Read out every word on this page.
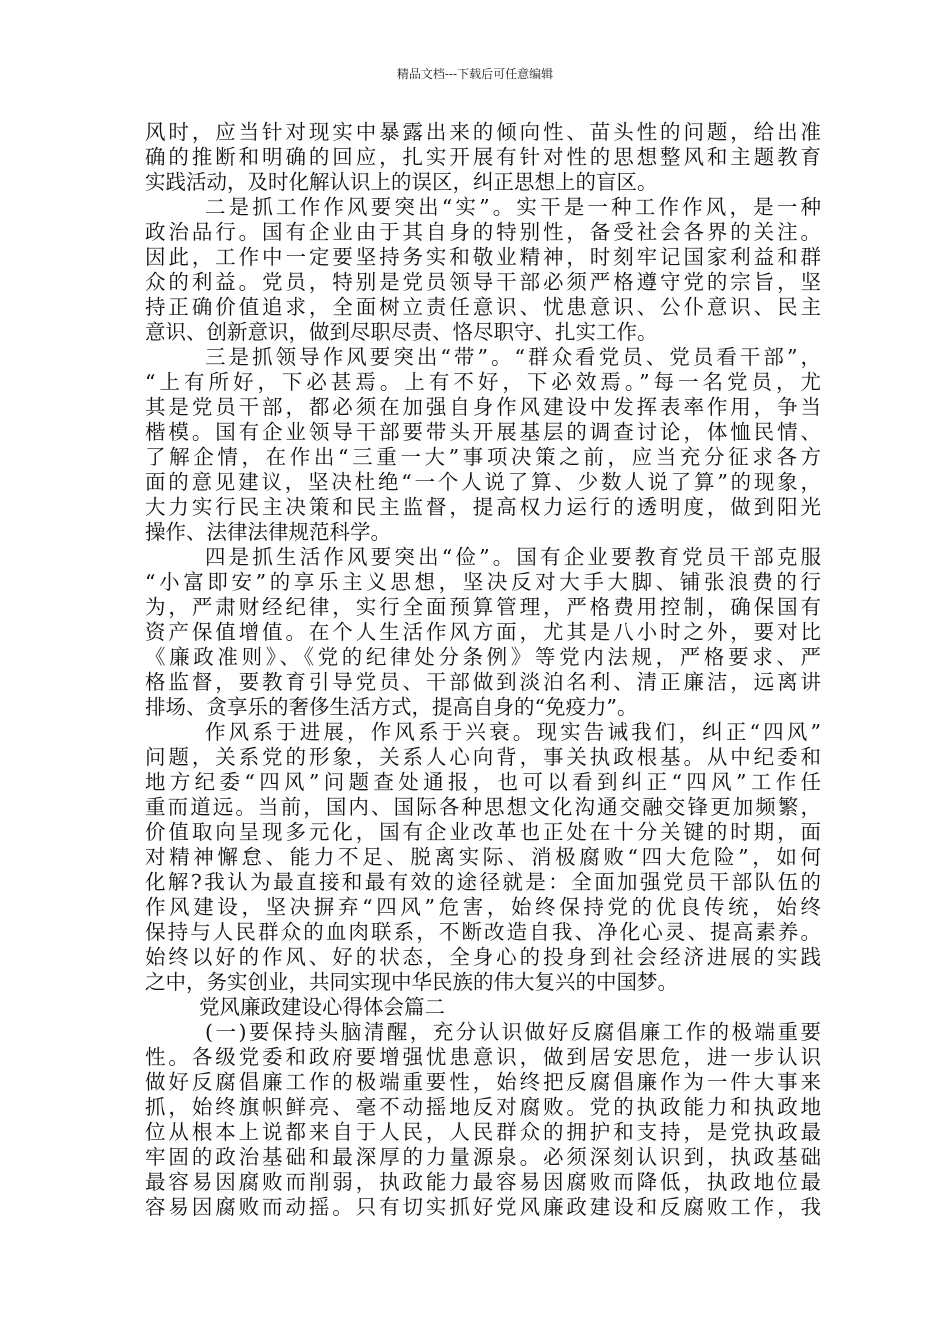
精品文档---下载后可任意编辑
风时，应当针对现实中暴露出来的倾向性、苗头性的问题，给出准
确的推断和明确的回应，扎实开展有针对性的思想整风和主题教育
实践活动，及时化解认识上的误区，纠正思想上的盲区。
二是抓工作作风要突出“实”。实干是一种工作作风，是一种
政治品行。国有企业由于其自身的特别性，备受社会各界的关注。
因此，工作中一定要坚持务实和敬业精神，时刻牢记国家利益和群
众的利益。党员，特别是党员领导干部必须严格遵守党的宗旨，坚
持正确价值追求，全面树立责任意识、忧患意识、公仆意识、民主
意识、创新意识，做到尽职尽责、恪尽职守、扎实工作。
三是抓领导作风要突出“带”。“群众看党员、党员看干部”，
“上有所好，下必甚焉。上有不好，下必效焉。”每一名党员，尤
其是党员干部，都必须在加强自身作风建设中发挥表率作用，争当
楷模。国有企业领导干部要带头开展基层的调查讨论，体恤民情、
了解企情，在作出“三重一大”事项决策之前，应当充分征求各方
面的意见建议，坚决杜绝“一个人说了算、少数人说了算”的现象，
大力实行民主决策和民主监督，提高权力运行的透明度，做到阳光
操作、法律法律规范科学。
四是抓生活作风要突出“俭”。国有企业要教育党员干部克服
“小富即安”的享乐主义思想，坚决反对大手大脚、铺张浪费的行
为，严肃财经纪律，实行全面预算管理，严格费用控制，确保国有
资产保值增值。在个人生活作风方面，尤其是八小时之外，要对比
《廉政准则》、《党的纪律处分条例》等党内法规，严格要求、严
格监督，要教育引导党员、干部做到淡泊名利、清正廉洁，远离讲
排场、贪享乐的奢侈生活方式，提高自身的“免疫力”。
作风系于进展，作风系于兴衰。现实告诫我们，纠正“四风”
问题，关系党的形象，关系人心向背，事关执政根基。从中纪委和
地方纪委“四风”问题查处通报，也可以看到纠正“四风”工作任
重而道远。当前，国内、国际各种思想文化沟通交融交锋更加频繁，
价值取向呈现多元化，国有企业改革也正处在十分关键的时期，面
对精神懈怠、能力不足、脱离实际、消极腐败“四大危险”，如何
化解?我认为最直接和最有效的途径就是：全面加强党员干部队伍的
作风建设，坚决摒弃“四风”危害，始终保持党的优良传统，始终
保持与人民群众的血肉联系，不断改造自我、净化心灵、提高素养。
始终以好的作风、好的状态，全身心的投身到社会经济进展的实践
之中，务实创业，共同实现中华民族的伟大复兴的中国梦。
党风廉政建设心得体会篇二
(一)要保持头脑清醒，充分认识做好反腐倡廉工作的极端重要
性。各级党委和政府要增强忧患意识，做到居安思危，进一步认识
做好反腐倡廉工作的极端重要性，始终把反腐倡廉作为一件大事来
抓，始终旗帜鲜亮、毫不动摇地反对腐败。党的执政能力和执政地
位从根本上说都来自于人民，人民群众的拥护和支持，是党执政最
牢固的政治基础和最深厚的力量源泉。必须深刻认识到，执政基础
最容易因腐败而削弱，执政能力最容易因腐败而降低，执政地位最
容易因腐败而动摇。只有切实抓好党风廉政建设和反腐败工作，我
